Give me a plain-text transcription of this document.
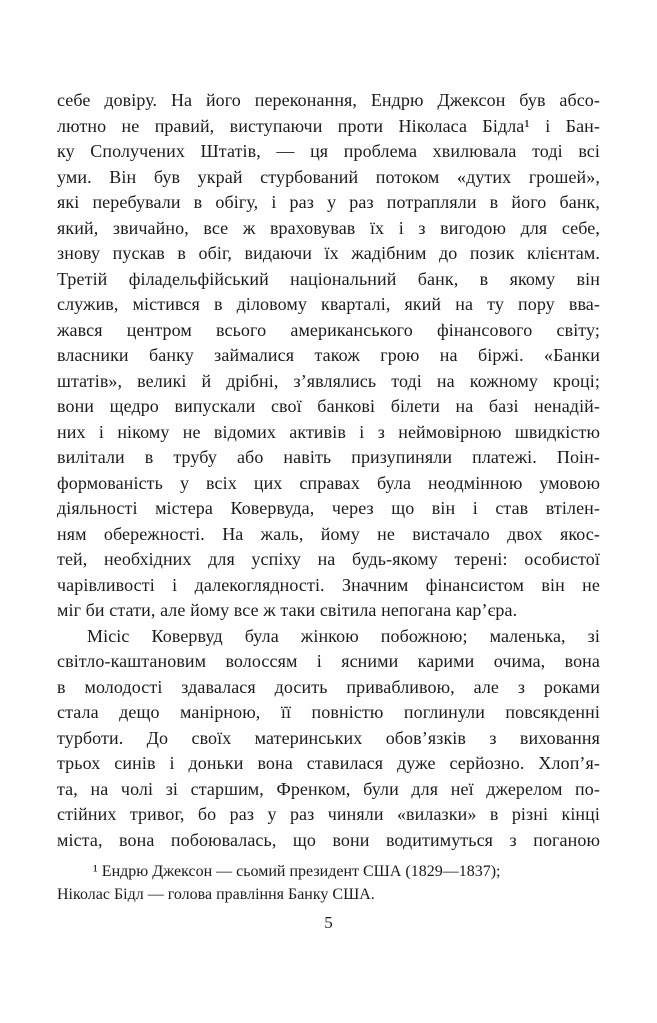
себе довіру. На його переконання, Ендрю Джексон був абсо-
лютно не правий, виступаючи проти Ніколаса Бідла¹ і Бан-
ку Сполучених Штатів, — ця проблема хвилювала тоді всі
уми. Він був украй стурбований потоком «дутих грошей»,
які перебували в обігу, і раз у раз потрапляли в його банк,
який, звичайно, все ж враховував їх і з вигодою для себе,
знову пускав в обіг, видаючи їх жадібним до позик клієнтам.
Третій філадельфійський національний банк, в якому він
служив, містився в діловому кварталі, який на ту пору вва-
жався центром всього американського фінансового світу;
власники банку займалися також грою на біржі. «Банки
штатів», великі й дрібні, з’являлись тоді на кожному кроці;
вони щедро випускали свої банкові білети на базі ненадій-
них і нікому не відомих активів і з неймовірною швидкістю
вилітали в трубу або навіть призупиняли платежі. Поін-
формованість у всіх цих справах була неодмінною умовою
діяльності містера Ковервуда, через що він і став втілен-
ням обережності. На жаль, йому не вистачало двох якос-
тей, необхідних для успіху на будь-якому терені: особистої
чарівливості і далекоглядності. Значним фінансистом він не
міг би стати, але йому все ж таки світила непогана кар’єра.
Місіс Ковервуд була жінкою побожною; маленька, зі
світло-каштановим волоссям і ясними карими очима, вона
в молодості здавалася досить привабливою, але з роками
стала дещо манірною, її повністю поглинули повсякденні
турботи. До своїх материнських обов’язків з виховання
трьох синів і доньки вона ставилася дуже серйозно. Хлоп’я-
та, на чолі зі старшим, Френком, були для неї джерелом по-
стійних тривог, бо раз у раз чиняли «вилазки» в різні кінці
міста, вона побоювалась, що вони водитимуться з поганою
¹ Ендрю Джексон — сьомий президент США (1829—1837);
Ніколас Бідл — голова правління Банку США.
5
